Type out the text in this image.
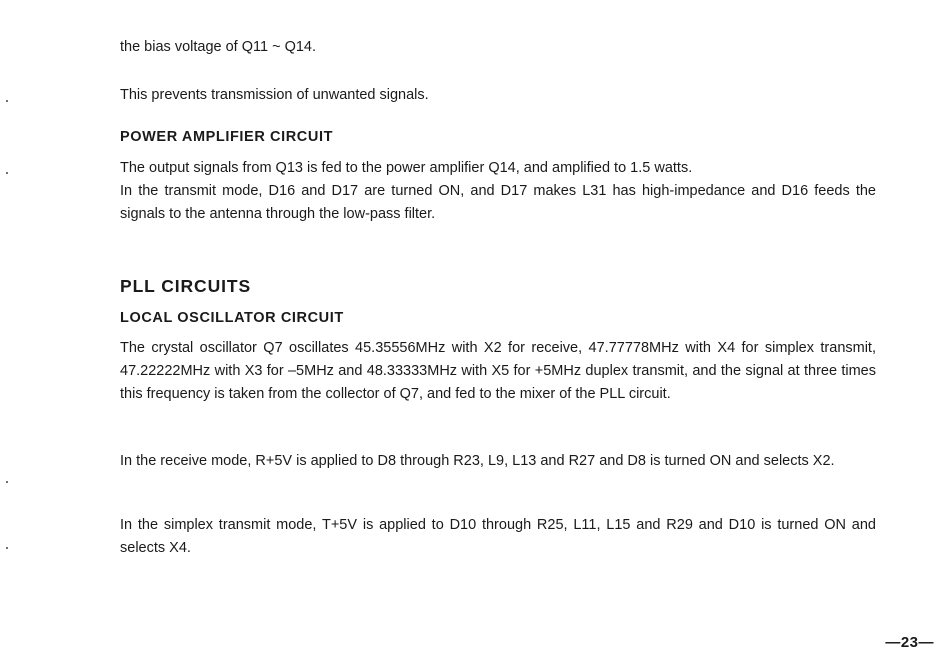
the bias voltage of Q11 ~ Q14.

This prevents transmission of unwanted signals.

POWER AMPLIFIER CIRCUIT

The output signals from Q13 is fed to the power amplifier Q14, and amplified to 1.5 watts.

In the transmit mode, D16 and D17 are turned ON, and D17 makes L31 has high-impedance and D16 feeds the signals to the antenna through the low-pass filter.

PLL CIRCUITS
LOCAL OSCILLATOR CIRCUIT

The crystal oscillator Q7 oscillates 45.35556MHz with X2 for receive, 47.77778MHz with X4 for simplex transmit, 47.22222MHz with X3 for –5MHz and 48.33333MHz with X5 for +5MHz duplex transmit, and the signal at three times this frequency is taken from the collector of Q7, and fed to the mixer of the PLL circuit.

In the receive mode, R+5V is applied to D8 through R23, L9, L13 and R27 and D8 is turned ON and selects X2.

In the simplex transmit mode, T+5V is applied to D10 through R25, L11, L15 and R29 and D10 is turned ON and selects X4.

—23—
